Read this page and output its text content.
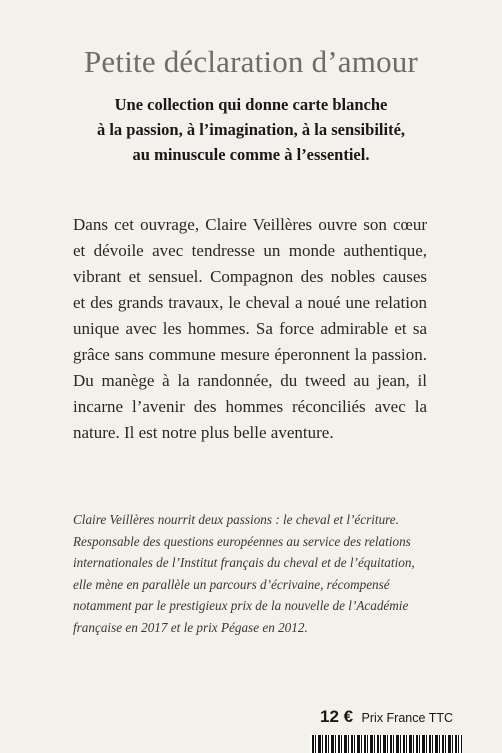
Petite déclaration d’amour
Une collection qui donne carte blanche
à la passion, à l’imagination, à la sensibilité,
au minuscule comme à l’essentiel.
Dans cet ouvrage, Claire Veillères ouvre son cœur
et dévoile avec tendresse un monde authentique,
vibrant et sensuel. Compagnon des nobles causes
et des grands travaux, le cheval a noué une relation
unique avec les hommes. Sa force admirable et sa
grâce sans commune mesure éperonnent la passion.
Du manège à la randonnée, du tweed au jean, il
incarne l’avenir des hommes réconciliés avec la
nature. Il est notre plus belle aventure.
Claire Veillères nourrit deux passions : le cheval et l’écriture.
Responsable des questions européennes au service des relations
internationales de l’Institut français du cheval et de l’équitation,
elle mène en parallèle un parcours d’écrivaine, récompensé
notamment par le prestigieux prix de la nouvelle de l’Académie
française en 2017 et le prix Pégase en 2012.
12 € Prix France TTC
